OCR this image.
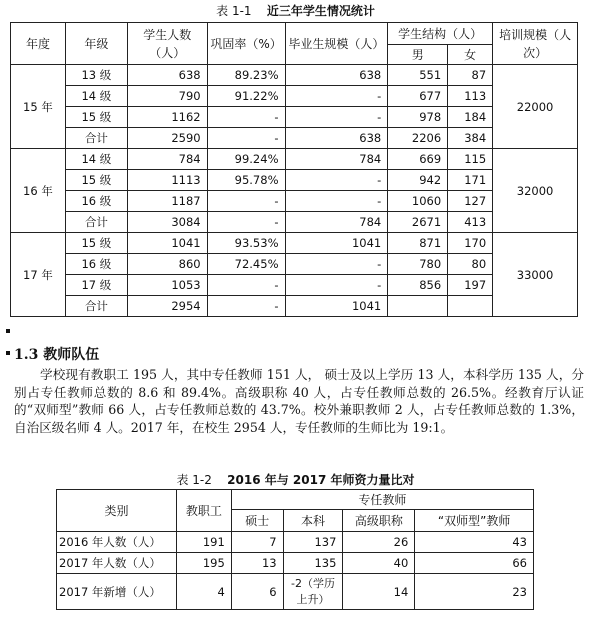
表 1-1 近三年学生情况统计
年度	年级	学生人数（人）	巩固率（%）	毕业生规模（人）	学生结构（人）		培训规模（人次）
					男	女	
15 年	13 级	638	89.23%	638	551	87	22000
	14 级	790	91.22%	-	677	113	
	15 级	1162	-	-	978	184	
	合计	2590	-	638	2206	384	
16 年	14 级	784	99.24%	784	669	115	32000
	15 级	1113	95.78%	-	942	171	
	16 级	1187	-	-	1060	127	
	合计	3084	-	784	2671	413	
17 年	15 级	1041	93.53%	1041	871	170	33000
	16 级	860	72.45%	-	780	80	
	17 级	1053	-	-	856	197	
	合计	2954	-	1041			
1.3 教师队伍
学校现有教职工 195 人，其中专任教师 151 人， 硕士及以上学历 13 人，本科学历 135 人，分别占专任教师总数的 8.6 和 89.4%。高级职称 40 人，占专任教师总数的 26.5%。经教育厅认证的“双师型”教师 66 人，占专任教师总数的 43.7%。校外兼职教师 2 人，占专任教师总数的 1.3%，自治区级名师 4 人。2017 年，在校生 2954 人，专任教师的生师比为 19:1。
表 1-2 2016 年与 2017 年师资力量比对
类别	教职工	专任教师			
		硕士	本科	高级职称	“双师型”教师
2016 年人数（人）	191	7	137	26	43
2017 年人数（人）	195	13	135	40	66
2017 年新增（人）	4	6	-2（学历上升）	14	23
